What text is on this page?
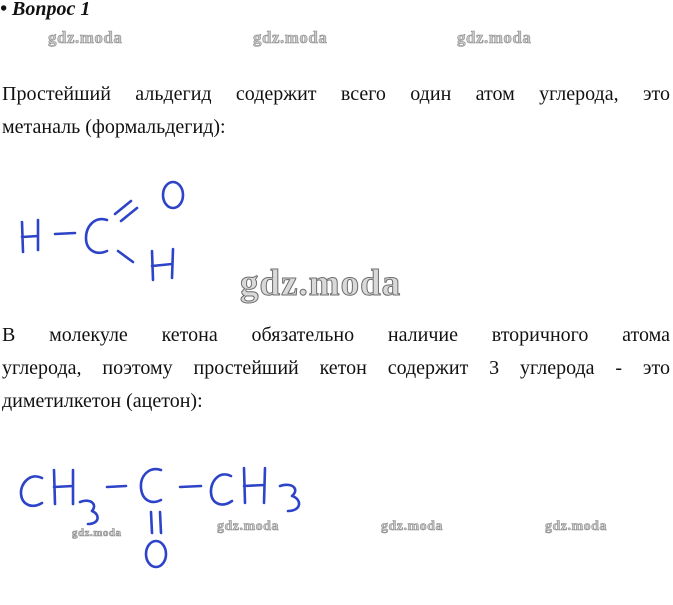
• Вопрос 1
gdz.moda	gdz.moda	gdz.moda
Простейший альдегид содержит всего один атом углерода, это
метаналь (формальдегид):
gdz.moda
В молекуле кетона обязательно наличие вторичного атома
углерода, поэтому простейший кетон содержит 3 углерода - это
диметилкетон (ацетон):
gdz.moda	gdz.moda	gdz.moda	gdz.moda
